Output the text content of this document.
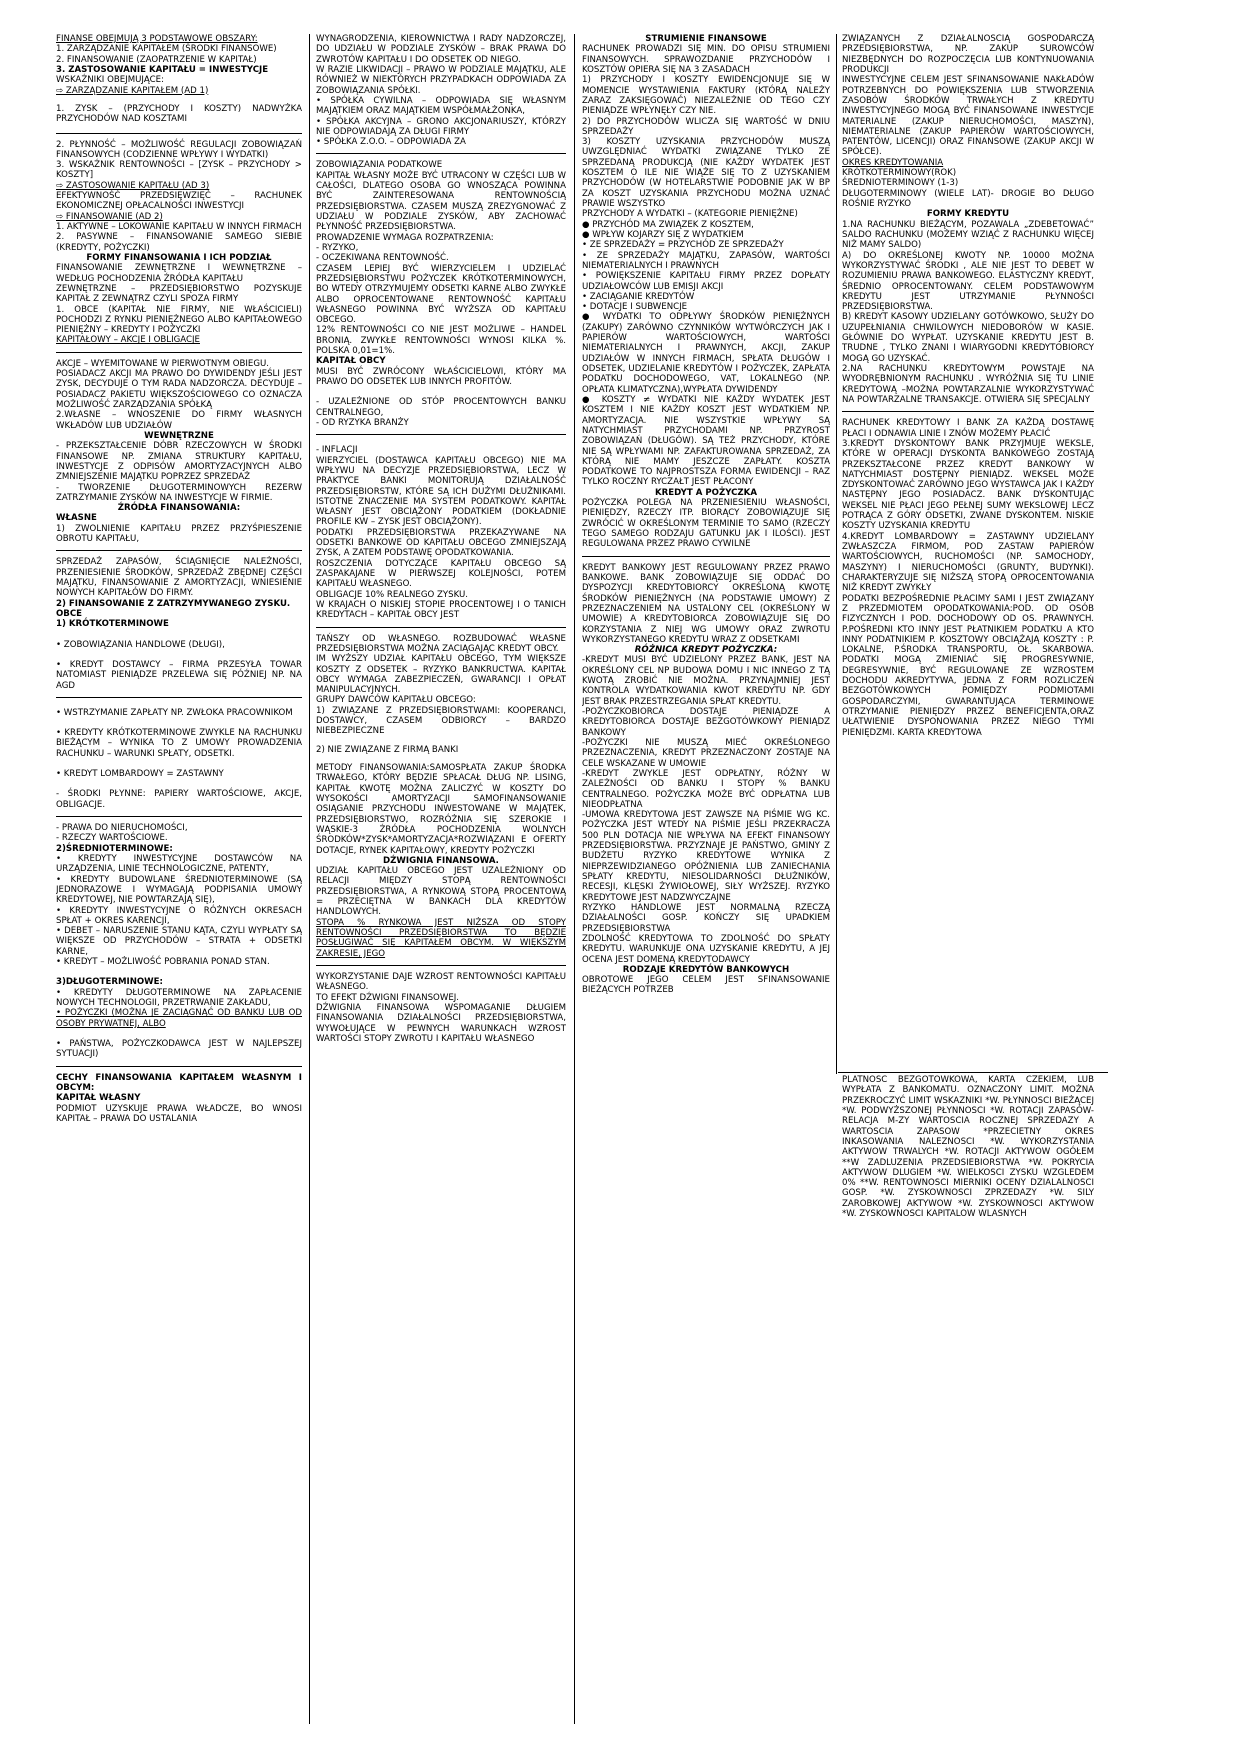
FINANSE OBEJMUJĄ 3 PODSTAWOWE OBSZARY:

1. ZARZĄDZANIE KAPITAŁEM (ŚRODKI FINANSOWE)

2. FINANSOWANIE (ZAOPATRZENIE W KAPITAŁ)

3. ZASTOSOWANIE KAPITAŁU = INWESTYCJE

WSKAŹNIKI OBEJMUJĄCE:

⇨ ZARZĄDZANIE KAPITAŁEM (AD 1)

1. ZYSK – (PRZYCHODY I KOSZTY) NADWYŻKA PRZYCHODÓW NAD KOSZTAMI

2. PŁYNNOŚĆ – MOŻLIWOŚĆ REGULACJI ZOBOWIĄZAŃ FINANSOWYCH (CODZIENNE WPŁYWY I WYDATKI)

3. WSKAŹNIK RENTOWNOŚCI – [ZYSK – PRZYCHODY > KOSZTY]

⇨ ZASTOSOWANIE KAPITAŁU (AD 3)

EFEKTYWNOŚĆ PRZEDSIĘWZIĘĆ – RACHUNEK EKONOMICZNEJ OPŁACALNOŚCI INWESTYCJI

⇨ FINANSOWANIE (AD 2)

1. AKTYWNE – LOKOWANIE KAPITAŁU W INNYCH FIRMACH

2. PASYWNE – FINANSOWANIE SAMEGO SIEBIE (KREDYTY, POŻYCZKI)

FORMY FINANSOWANIA I ICH PODZIAŁ

FINANSOWANIE ZEWNĘTRZNE I WEWNĘTRZNE – WEDŁUG POCHODZENIA ŹRÓDŁA KAPITAŁU

ZEWNĘTRZNE – PRZEDSIĘBIORSTWO POZYSKUJE KAPITAŁ Z ZEWNĄTRZ CZYLI SPOZA FIRMY

1. OBCE (KAPITAŁ NIE FIRMY, NIE WŁAŚCICIELI) POCHODZI Z RYNKU PIENIĘŻNEGO ALBO KAPITAŁOWEGO PIENIĘŻNY – KREDYTY I POŻYCZKI

KAPITAŁOWY – AKCJE I OBLIGACJE

AKCJE – WYEMITOWANE W PIERWOTNYM OBIEGU.

POSIADACZ AKCJI MA PRAWO DO DYWIDENDY JEŚLI JEST ZYSK, DECYDUJE O TYM RADA NADZORCZA. DECYDUJE – POSIADACZ PAKIETU WIĘKSZOŚCIOWEGO CO OZNACZA MOŻLIWOŚĆ ZARZĄDZANIA SPÓŁKĄ

2.WŁASNE – WNOSZENIE DO FIRMY WŁASNYCH WKŁADÓW LUB UDZIAŁÓW

WEWNĘTRZNE

- PRZEKSZTAŁCENIE DÓBR RZECZOWYCH W ŚRODKI FINANSOWE NP. ZMIANA STRUKTURY KAPITAŁU, INWESTYCJE Z ODPISÓW AMORTYZACYJNYCH ALBO ZMNIEJSZENIE MAJĄTKU POPRZEZ SPRZEDAŻ

- TWORZENIE DŁUGOTERMINOWYCH REZERW ZATRZYMANIE ZYSKÓW NA INWESTYCJE W FIRMIE.

ŹRÓDŁA FINANSOWANIA:

WŁASNE

1) ZWOLNIENIE KAPITAŁU PRZEZ PRZYŚPIESZENIE OBROTU KAPITAŁU,

SPRZEDAŻ ZAPASÓW, ŚCIĄGNIĘCIE NALEŻNOŚCI, PRZENIESIENIE ŚRODKÓW, SPRZEDAŻ ZBĘDNEJ CZĘŚCI MAJĄTKU, FINANSOWANIE Z AMORTYZACJI, WNIESIENIE NOWYCH KAPITAŁÓW DO FIRMY.

2) FINANSOWANIE Z ZATRZYMYWANEGO ZYSKU.

OBCE

1) KRÓTKOTERMINOWE

• ZOBOWIĄZANIA HANDLOWE (DŁUGI),

• KREDYT DOSTAWCY – FIRMA PRZESYŁA TOWAR NATOMIAST PIENIĄDZE PRZELEWA SIĘ PÓŹNIEJ NP. NA AGD

• WSTRZYMANIE ZAPŁATY NP. ZWŁOKA PRACOWNIKOM

• KREDYTY KRÓTKOTERMINOWE ZWYKLE NA RACHUNKU BIEŻĄCYM – WYNIKA TO Z UMOWY PROWADZENIA RACHUNKU – WARUNKI SPŁATY, ODSETKI.

• KREDYT LOMBARDOWY = ZASTAWNY

- ŚRODKI PŁYNNE: PAPIERY WARTOŚCIOWE, AKCJE, OBLIGACJE.

- PRAWA DO NIERUCHOMOŚCI,

- RZECZY WARTOŚCIOWE.

2)ŚREDNIOTERMINOWE:

• KREDYTY INWESTYCYJNE DOSTAWCÓW NA URZĄDZENIA, LINIE TECHNOLOGICZNE, PATENTY,

• KREDYTY BUDOWLANE ŚREDNIOTERMINOWE (SĄ JEDNORAZOWE I WYMAGAJĄ PODPISANIA UMOWY KREDYTOWEJ, NIE POWTARZAJĄ SIĘ),

• KREDYTY INWESTYCYJNE O RÓŻNYCH OKRESACH SPŁAT + OKRES KARENCJI,

• DEBET – NARUSZENIE STANU KĄTA, CZYLI WYPŁATY SĄ WIĘKSZE OD PRZYCHODÓW – STRATA + ODSETKI KARNE,

• KREDYT – MOŻLIWOŚĆ POBRANIA PONAD STAN.

3)DŁUGOTERMINOWE:

• KREDYTY DŁUGOTERMINOWE NA ZAPŁACENIE NOWYCH TECHNOLOGII, PRZETRWANIE ZAKŁADU,

• POŻYCZKI (MOŻNA JE ZACIĄGNĄĆ OD BANKU LUB OD OSOBY PRYWATNEJ, ALBO

• PAŃSTWA, POŻYCZKODAWCA JEST W NAJLEPSZEJ SYTUACJI)

CECHY FINANSOWANIA KAPITAŁEM WŁASNYM I OBCYM:

KAPITAŁ WŁASNY

PODMIOT UZYSKUJE PRAWA WŁADCZE, BO WNOSI KAPITAŁ – PRAWA DO USTALANIA

WYNAGRODZENIA, KIEROWNICTWA I RADY NADZORCZEJ, DO UDZIAŁU W PODZIALE ZYSKÓW – BRAK PRAWA DO ZWROTÓW KAPITAŁU I DO ODSETEK OD NIEGO.

W RAZIE LIKWIDACJI – PRAWO W PODZIALE MAJĄTKU, ALE RÓWNIEŻ W NIEKTÓRYCH PRZYPADKACH ODPOWIADA ZA ZOBOWIĄZANIA SPÓŁKI.

• SPÓŁKA CYWILNA – ODPOWIADA SIĘ WŁASNYM MAJĄTKIEM ORAZ MAJĄTKIEM WSPÓŁMAŁŻONKA,

• SPÓŁKA AKCYJNA – GRONO AKCJONARIUSZY, KTÓRZY NIE ODPOWIADAJĄ ZA DŁUGI FIRMY

• SPÓŁKA Z.O.O. – ODPOWIADA ZA

ZOBOWIĄZANIA PODATKOWE

KAPITAŁ WŁASNY MOŻE BYĆ UTRACONY W CZĘŚCI LUB W CAŁOŚCI, DLATEGO OSOBA GO WNOSZĄCA POWINNA BYĆ ZAINTERESOWANA RENTOWNOŚCIĄ PRZEDSIĘBIORSTWA. CZASEM MUSZĄ ZREZYGNOWAĆ Z UDZIAŁU W PODZIALE ZYSKÓW, ABY ZACHOWAĆ PŁYNNOŚĆ PRZEDSIĘBIORSTWA.

PROWADZENIE WYMAGA ROZPATRZENIA:

- RYZYKO,

- OCZEKIWANA RENTOWNOŚĆ.

CZASEM LEPIEJ BYĆ WIERZYCIELEM I UDZIELAĆ PRZEDSIĘBIORSTWU POŻYCZEK KRÓTKOTERMINOWYCH, BO WTEDY OTRZYMUJEMY ODSETKI KARNE ALBO ZWYKŁE ALBO OPROCENTOWANE RENTOWNOŚĆ KAPITAŁU WŁASNEGO POWINNA BYĆ WYŻSZA OD KAPITAŁU OBCEGO.

12% RENTOWNOŚCI CO NIE JEST MOŻLIWE – HANDEL BRONIĄ. ZWYKŁE RENTOWNOŚCI WYNOSI KILKA %. POLSKA 0,01=1%.

KAPITAŁ OBCY

MUSI BYĆ ZWRÓCONY WŁAŚCICIELOWI, KTÓRY MA PRAWO DO ODSETEK LUB INNYCH PROFITÓW.

- UZALEŻNIONE OD STÓP PROCENTOWYCH BANKU CENTRALNEGO,

- OD RYZYKA BRANŻY

- INFLACJI

WIERZYCIEL (DOSTAWCA KAPITAŁU OBCEGO) NIE MA WPŁYWU NA DECYZJE PRZEDSIĘBIORSTWA, LECZ W PRAKTYCE BANKI MONITORUJĄ DZIAŁALNOŚĆ PRZEDSIĘBIORSTW, KTÓRE SĄ ICH DUŻYMI DŁUŻNIKAMI. ISTOTNE ZNACZENIE MA SYSTEM PODATKOWY. KAPITAŁ WŁASNY JEST OBCIĄŻONY PODATKIEM (DOKŁADNIE PROFILE KW – ZYSK JEST OBCIĄŻONY).

PODATKI PRZEDSIĘBIORSTWA PRZEKAZYWANE NA ODSETKI BANKOWE OD KAPITAŁU OBCEGO ZMNIEJSZAJĄ ZYSK, A ZATEM PODSTAWĘ OPODATKOWANIA.

ROSZCZENIA DOTYCZĄCE KAPITAŁU OBCEGO SĄ ZASPAKAJANE W PIERWSZEJ KOLEJNOŚCI, POTEM KAPITAŁU WŁASNEGO.

OBLIGACJE 10% REALNEGO ZYSKU.

W KRAJACH O NISKIEJ STOPIE PROCENTOWEJ I O TANICH KREDYTACH – KAPITAŁ OBCY JEST

TAŃSZY OD WŁASNEGO. ROZBUDOWAĆ WŁASNE PRZEDSIĘBIORSTWA MOŻNA ZACIĄGAJĄC KREDYT OBCY.

IM WYŻSZY UDZIAŁ KAPITAŁU OBCEGO, TYM WIĘKSZE KOSZTY Z ODSETEK – RYZYKO BANKRUCTWA. KAPITAŁ OBCY WYMAGA ZABEZPIECZEŃ, GWARANCJI I OPŁAT MANIPULACYJNYCH.

GRUPY DAWCÓW KAPITAŁU OBCEGO:

1) ZWIĄZANE Z PRZEDSIĘBIORSTWAMI: KOOPERANCI, DOSTAWCY, CZASEM ODBIORCY – BARDZO NIEBEZPIECZNE

2) NIE ZWIĄZANE Z FIRMĄ BANKI

METODY FINANSOWANIA:SAMOSPŁATA ZAKUP ŚRODKA TRWAŁEGO, KTÓRY BĘDZIE SPŁACAŁ DŁUG NP. LISING, KAPITAŁ KWOTĘ MOŻNA ZALICZYĆ W KOSZTY DO WYSOKOŚCI AMORTYZACJI SAMOFINANSOWANIE OSIĄGANIE PRZYCHODU INWESTOWANE W MAJĄTEK, PRZEDSIĘBIORSTWO, ROZRÓŻNIA SIĘ SZEROKIE I WĄSKIE-3 ŹRÓDŁA POCHODZENIA WOLNYCH ŚRODKÓW*ZYSK*AMORTYZACJA*ROZWIĄZANI E OFERTY DOTACJE, RYNEK KAPITAŁOWY, KREDYTY POŻYCZKI

DŹWIGNIA FINANSOWA.

UDZIAŁ KAPITAŁU OBCEGO JEST UZALEŻNIONY OD RELACJI MIĘDZY STOPĄ RENTOWNOŚCI PRZEDSIĘBIORSTWA, A RYNKOWĄ STOPĄ PROCENTOWĄ = PRZECIĘTNA W BANKACH DLA KREDYTÓW HANDLOWYCH.

STOPA % RYNKOWA JEST NIŻSZA OD STOPY RENTOWNOŚCI PRZEDSIĘBIORSTWA TO BĘDZIE POSŁUGIWAĆ SIĘ KAPITAŁEM OBCYM. W WIĘKSZYM ZAKRESIE, JEGO

WYKORZYSTANIE DAJE WZROST RENTOWNOŚCI KAPITAŁU WŁASNEGO.

TO EFEKT DŹWIGNI FINANSOWEJ.

DŹWIGNIA FINANSOWA WSPOMAGANIE DŁUGIEM FINANSOWANIA DZIAŁALNOŚCI PRZEDSIĘBIORSTWA, WYWOŁUJĄCE W PEWNYCH WARUNKACH WZROST WARTOŚCI STOPY ZWROTU I KAPITAŁU WŁASNEGO

STRUMIENIE FINANSOWE

RACHUNEK PROWADZI SIĘ MIN. DO OPISU STRUMIENI FINANSOWYCH. SPRAWOZDANIE PRZYCHODÓW I KOSZTÓW OPIERA SIĘ NA 3 ZASADACH

1) PRZYCHODY I KOSZTY EWIDENCJONUJE SIĘ W MOMENCIE WYSTAWIENIA FAKTURY (KTÓRĄ NALEŻY ZARAZ ZAKSIĘGOWAĆ) NIEZALEŻNIE OD TEGO CZY PIENIĄDZE WPŁYNĘŁY CZY NIE.

2) DO PRZYCHODÓW WLICZA SIĘ WARTOŚĆ W DNIU SPRZEDAŻY

3) KOSZTY UZYSKANIA PRZYCHODÓW MUSZĄ UWZGLĘDNIAĆ WYDATKI ZWIĄZANE TYLKO ZE SPRZEDANĄ PRODUKCJĄ (NIE KAŻDY WYDATEK JEST KOSZTEM O ILE NIE WIĄŻE SIĘ TO Z UZYSKANIEM PRZYCHODÓW (W HOTELARSTWIE PODOBNIE JAK W BP ZA KOSZT UZYSKANIA PRZYCHODU MOŻNA UZNAĆ PRAWIE WSZYSTKO

PRZYCHODY A WYDATKI – (KATEGORIE PIENIĘŻNE)

● PRZYCHÓD MA ZWIĄZEK Z KOSZTEM,

● WPŁYW KOJARZY SIĘ Z WYDATKIEM

• ZE SPRZEDAŻY = PRZYCHÓD ZE SPRZEDAŻY

• ZE SPRZEDAŻY MAJĄTKU, ZAPASÓW, WARTOŚCI NIEMATERIALNYCH I PRAWNYCH

• POWIĘKSZENIE KAPITAŁU FIRMY PRZEZ DOPŁATY UDZIAŁOWCÓW LUB EMISJI AKCJI

• ZACIĄGANIE KREDYTÓW

• DOTACJE I SUBWENCJE

● WYDATKI TO ODPŁYWY ŚRODKÓW PIENIĘŻNYCH (ZAKUPY) ZARÓWNO CZYNNIKÓW WYTWÓRCZYCH JAK I PAPIERÓW WARTOŚCIOWYCH, WARTOŚCI NIEMATERIALNYCH I PRAWNYCH, AKCJI, ZAKUP UDZIAŁÓW W INNYCH FIRMACH, SPŁATA DŁUGÓW I ODSETEK, UDZIELANIE KREDYTÓW I POŻYCZEK, ZAPŁATA PODATKU DOCHODOWEGO, VAT, LOKALNEGO (NP. OPŁATA KLIMATYCZNA),WYPŁATA DYWIDENDY

● KOSZTY ≠ WYDATKI NIE KAŻDY WYDATEK JEST KOSZTEM I NIE KAŻDY KOSZT JEST WYDATKIEM NP. AMORTYZACJA. NIE WSZYSTKIE WPŁYWY SĄ NATYCHMIAST PRZYCHODAMI NP. PRZYROST ZOBOWIĄZAŃ (DŁUGÓW). SĄ TEŻ PRZYCHODY, KTÓRE NIE SĄ WPŁYWAMI NP. ZAFAKTUROWANA SPRZEDAŻ, ZA KTÓRĄ NIE MAMY JESZCZE ZAPŁATY. KOSZTA PODATKOWE TO NAJPROSTSZA FORMA EWIDENCJI – RAZ TYLKO ROCZNY RYCZAŁT JEST PŁACONY

KREDYT A POŻYCZKA

POŻYCZKA POLEGA NA PRZENIESIENIU WŁASNOŚCI, PIENIĘDZY, RZECZY ITP. BIORĄCY ZOBOWIĄZUJE SIĘ ZWRÓCIĆ W OKREŚLONYM TERMINIE TO SAMO (RZECZY TEGO SAMEGO RODZAJU GATUNKU JAK I ILOŚCI). JEST REGULOWANA PRZEZ PRAWO CYWILNE

KREDYT BANKOWY JEST REGULOWANY PRZEZ PRAWO BANKOWE. BANK ZOBOWIĄZUJE SIĘ ODDAĆ DO DYSPOZYCJI KREDYTOBIORCY OKREŚLONĄ KWOTĘ ŚRODKÓW PIENIĘŻNYCH (NA PODSTAWIE UMOWY) Z PRZEZNACZENIEM NA USTALONY CEL (OKREŚLONY W UMOWIE) A KREDYTOBIORCA ZOBOWIĄZUJE SIĘ DO KORZYSTANIA Z NIEJ WG UMOWY ORAZ ZWROTU WYKORZYSTANEGO KREDYTU WRAZ Z ODSETKAMI

RÓŻNICA KREDYT POŻYCZKA:

-KREDYT MUSI BYĆ UDZIELONY PRZEZ BANK, JEST NA OKREŚLONY CEL NP BUDOWA DOMU I NIC INNEGO Z TĄ KWOTĄ ZROBIĆ NIE MOŻNA. PRZYNAJMNIEJ JEST KONTROLA WYDATKOWANIA KWOT KREDYTU NP. GDY JEST BRAK PRZESTRZEGANIA SPŁAT KREDYTU.

-POŻYCZKOBIORCA DOSTAJE PIENIĄDZE A KREDYTOBIORCA DOSTAJE BEZGOTÓWKOWY PIENIĄDZ BANKOWY

-POŻYCZKI NIE MUSZĄ MIEĆ OKREŚLONEGO PRZEZNACZENIA, KREDYT PRZEZNACZONY ZOSTAJE NA CELE WSKAZANE W UMOWIE

-KREDYT ZWYKLE JEST ODPŁATNY, RÓŻNY W ZALEŻNOŚCI OD BANKU I STOPY % BANKU CENTRALNEGO. POŻYCZKA MOŻE BYĆ ODPŁATNA LUB NIEODPŁATNA

-UMOWA KREDYTOWA JEST ZAWSZE NA PIŚMIE WG KC. POŻYCZKA JEST WTEDY NA PIŚMIE JEŚLI PRZEKRACZA 500 PLN DOTACJA NIE WPŁYWA NA EFEKT FINANSOWY PRZEDSIĘBIORSTWA. PRZYZNAJE JE PAŃSTWO, GMINY Z BUDŻETU RYZYKO KREDYTOWE WYNIKA Z NIEPRZEWIDZIANEGO OPÓŹNIENIA LUB ZANIECHANIA SPŁATY KREDYTU, NIESOLIDARNOŚCI DŁUŻNIKÓW, RECESJI, KLĘSKI ŻYWIOŁOWEJ, SIŁY WYŻSZEJ. RYZYKO KREDYTOWE JEST NADZWYCZAJNE

RYZYKO HANDLOWE JEST NORMALNĄ RZECZĄ DZIAŁALNOŚCI GOSP. KOŃCZY SIĘ UPADKIEM PRZEDSIĘBIORSTWA

ZDOLNOŚĆ KREDYTOWA TO ZDOLNOŚĆ DO SPŁATY KREDYTU. WARUNKUJE ONA UZYSKANIE KREDYTU, A JEJ OCENA JEST DOMENĄ KREDYTODAWCY

RODZAJE KREDYTÓW BANKOWYCH

OBROTOWE JEGO CELEM JEST SFINANSOWANIE BIEŻĄCYCH POTRZEB

ZWIĄZANYCH Z DZIAŁALNOŚCIĄ GOSPODARCZĄ PRZEDSIĘBIORSTWA, NP. ZAKUP SUROWCÓW NIEZBĘDNYCH DO ROZPOCZĘCIA LUB KONTYNUOWANIA PRODUKCJI

INWESTYCYJNE CELEM JEST SFINANSOWANIE NAKŁADÓW POTRZEBNYCH DO POWIĘKSZENIA LUB STWORZENIA ZASOBÓW ŚRODKÓW TRWAŁYCH Z KREDYTU INWESTYCYJNEGO MOGĄ BYĆ FINANSOWANE INWESTYCJE MATERIALNE (ZAKUP NIERUCHOMOŚCI, MASZYN), NIEMATERIALNE (ZAKUP PAPIERÓW WARTOŚCIOWYCH, PATENTÓW, LICENCJI) ORAZ FINANSOWE (ZAKUP AKCJI W SPÓŁCE).

OKRES KREDYTOWANIA

KRÓTKOTERMINOWY(ROK)

ŚREDNIOTERMINOWY (1-3)

DŁUGOTERMINOWY (WIELE LAT)- DROGIE BO DŁUGO ROŚNIE RYZYKO

FORMY KREDYTU

1.NA RACHUNKU BIEŻĄCYM, POZAWALA „ZDEBETOWAĆ” SALDO RACHUNKU (MOŻEMY WZIĄĆ Z RACHUNKU WIĘCEJ NIŻ MAMY SALDO)

A) DO OKREŚLONEJ KWOTY NP. 10000 MOŻNA WYKORZYSTYWAĆ ŚRODKI , ALE NIE JEST TO DEBET W ROZUMIENIU PRAWA BANKOWEGO. ELASTYCZNY KREDYT, ŚREDNIO OPROCENTOWANY. CELEM PODSTAWOWYM KREDYTU JEST UTRZYMANIE PŁYNNOŚCI PRZEDSIĘBIORSTWA.

B) KREDYT KASOWY UDZIELANY GOTÓWKOWO, SŁUŻY DO UZUPEŁNIANIA CHWILOWYCH NIEDOBORÓW W KASIE. GŁÓWNIE DO WYPŁAT. UZYSKANIE KREDYTU JEST B. TRUDNE , TYLKO ZNANI I WIARYGODNI KREDYTOBIORCY MOGĄ GO UZYSKAĆ.

2.NA RACHUNKU KREDYTOWYM POWSTAJE NA WYODRĘBNIONYM RACHUNKU . WYRÓŻNIA SIĘ TU LINIE KREDYTOWĄ –MOŻNA POWTARZALNIE WYKORZYSTYWAĆ NA POWTARZALNE TRANSAKCJE. OTWIERA SIĘ SPECJALNY

RACHUNEK KREDYTOWY I BANK ZA KAŻDĄ DOSTAWĘ PŁACI I ODNAWIA LINIE I ZNÓW MOŻEMY PŁACIĆ

3.KREDYT DYSKONTOWY BANK PRZYJMUJE WEKSLE, KTÓRE W OPERACJI DYSKONTA BANKOWEGO ZOSTAJĄ PRZEKSZTAŁCONE PRZEZ KREDYT BANKOWY W NATYCHMIAST DOSTĘPNY PIENIĄDZ. WEKSEL MOŻE ZDYSKONTOWAĆ ZARÓWNO JEGO WYSTAWCA JAK I KAŻDY NASTĘPNY JEGO POSIADACZ. BANK DYSKONTUJĄC WEKSEL NIE PŁACI JEGO PEŁNEJ SUMY WEKSLOWEJ LECZ POTRĄCA Z GÓRY ODSETKI, ZWANE DYSKONTEM. NISKIE KOSZTY UZYSKANIA KREDYTU

4.KREDYT LOMBARDOWY = ZASTAWNY UDZIELANY ZWŁASZCZA FIRMOM, POD ZASTAW PAPIERÓW WARTOŚCIOWYCH, RUCHOMOŚCI (NP. SAMOCHODY, MASZYNY) I NIERUCHOMOŚCI (GRUNTY, BUDYNKI). CHARAKTERYZUJE SIĘ NIŻSZĄ STOPĄ OPROCENTOWANIA NIŻ KREDYT ZWYKŁY

PODATKI BEZPOŚREDNIE PŁACIMY SAMI I JEST ZWIĄZANY Z PRZEDMIOTEM OPODATKOWANIA:POD. OD OSÓB FIZYCZNYCH I POD. DOCHODOWY OD OS. PRAWNYCH. P.POŚREDNI KTO INNY JEST PŁATNIKIEM PODATKU A KTO INNY PODATNIKIEM P. KOSZTOWY OBCIĄŻAJĄ KOSZTY : P. LOKALNE, P.ŚRODKA TRANSPORTU, OŁ. SKARBOWA. PODATKI MOGĄ ZMIENIAĆ SIĘ PROGRESYWNIE, DEGRESYWNIE, BYĆ REGULOWANE ZE WZROSTEM DOCHODU AKREDYTYWA, JEDNA Z FORM ROZLICZEŃ BEZGOTÓWKOWYCH POMIĘDZY PODMIOTAMI GOSPODARCZYMI, GWARANTUJĄCA TERMINOWE OTRZYMANIE PIENIĘDZY PRZEZ BENEFICJENTA,ORAZ UŁATWIENIE DYSPONOWANIA PRZEZ NIEGO TYMI PIENIĘDZMI. KARTA KREDYTOWA

PLATNOSC BEZGOTOWKOWA, KARTA CZEKIEM, LUB WYPŁATA Z BANKOMATU. OZNACZONY LIMIT. MOŻNA PRZEKROCZYĆ LIMIT WSKAZNIKI *W. PŁYNNOSCI BIEŻĄCEJ *W. PODWYŻSZONEJ PŁYNNOSCI *W. ROTACJI ZAPASÓW-RELACJA M-ZY WARTOSCIA ROCZNEJ SPRZEDAZY A WARTOSCIA ZAPASOW *PRZECIETNY OKRES INKASOWANIA NALEZNOSCI *W. WYKORZYSTANIA AKTYWOW TRWALYCH *W. ROTACJI AKTYWOW OGÓŁEM **W ZADLUZENIA PRZEDSIEBIORSTWA *W. POKRYCIA AKTYWOW DLUGIEM *W. WIELKOSCI ZYSKU WZGLEDEM 0% **W. RENTOWNOSCI MIERNIKI OCENY DZIALALNOSCI GOSP. *W. ZYSKOWNOSCI ZPRZEDAZY *W. SILY ZAROBKOWEJ AKTYWOW *W. ZYSKOWNOSCI AKTYWOW *W. ZYSKOWNOSCI KAPITALOW WLASNYCH
